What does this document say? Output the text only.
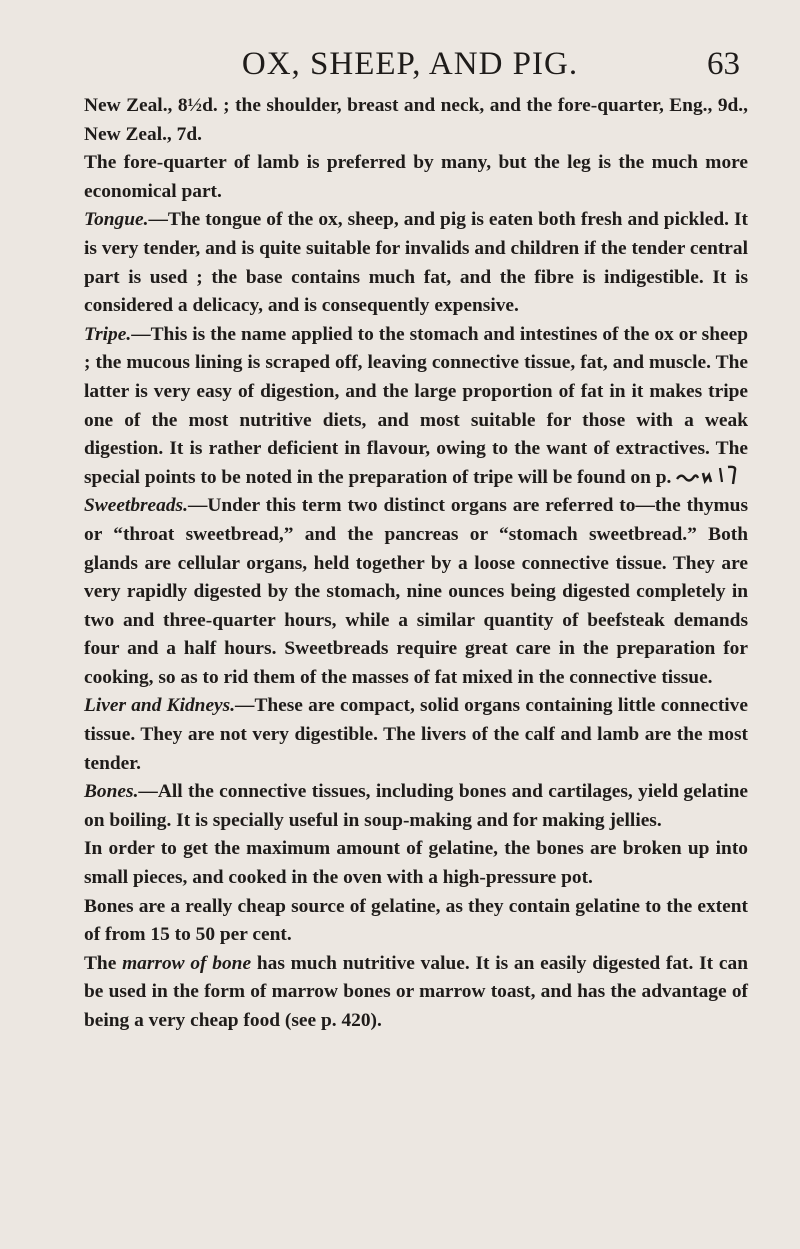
OX, SHEEP, AND PIG.	63

New Zeal., 8½d. ; the shoulder, breast and neck, and the fore-quarter, Eng., 9d., New Zeal., 7d.

The fore-quarter of lamb is preferred by many, but the leg is the much more economical part.

Tongue.—The tongue of the ox, sheep, and pig is eaten both fresh and pickled. It is very tender, and is quite suitable for invalids and children if the tender central part is used ; the base contains much fat, and the fibre is indigestible. It is considered a delicacy, and is consequently expensive.

Tripe.—This is the name applied to the stomach and intestines of the ox or sheep ; the mucous lining is scraped off, leaving connective tissue, fat, and muscle. The latter is very easy of digestion, and the large proportion of fat in it makes tripe one of the most nutritive diets, and most suitable for those with a weak digestion. It is rather deficient in flavour, owing to the want of extractives. The special points to be noted in the preparation of tripe will be found on p.

Sweetbreads.—Under this term two distinct organs are referred to—the thymus or “throat sweetbread,” and the pancreas or “stomach sweetbread.” Both glands are cellular organs, held together by a loose connective tissue. They are very rapidly digested by the stomach, nine ounces being digested completely in two and three-quarter hours, while a similar quantity of beefsteak demands four and a half hours. Sweetbreads require great care in the preparation for cooking, so as to rid them of the masses of fat mixed in the connective tissue.

Liver and Kidneys.—These are compact, solid organs containing little connective tissue. They are not very digestible. The livers of the calf and lamb are the most tender.

Bones.—All the connective tissues, including bones and cartilages, yield gelatine on boiling. It is specially useful in soup-making and for making jellies.

In order to get the maximum amount of gelatine, the bones are broken up into small pieces, and cooked in the oven with a high-pressure pot.

Bones are a really cheap source of gelatine, as they contain gelatine to the extent of from 15 to 50 per cent.

The marrow of bone has much nutritive value. It is an easily digested fat. It can be used in the form of marrow bones or marrow toast, and has the advantage of being a very cheap food (see p. 420).
